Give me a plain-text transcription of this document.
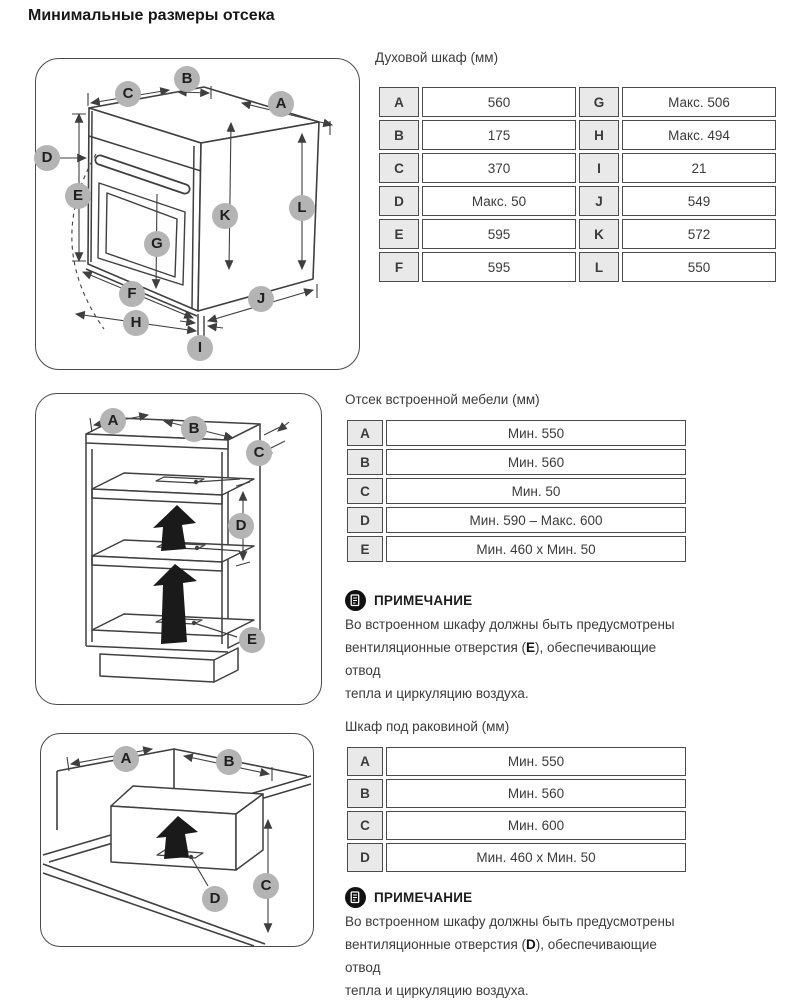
Минимальные размеры отсека
A
B
C
D
E
F
G
H
I
J
K	L
Духовой шкаф (мм)
A	560	G	Макс. 506
B	175	H	Макс. 494
C	370	I	21
D	Макс. 50	J	549
E	595	K	572
F	595	L	550
A	B
C
D
E
Отсек встроенной мебели (мм)
A	Мин. 550
B	Мин. 560
C	Мин. 50
D	Мин. 590 – Макс. 600
E	Мин. 460 x Мин. 50
ПРИМЕЧАНИЕ
Во встроенном шкафу должны быть предусмотрены
вентиляционные отверстия (E), обеспечивающие отвод
тепла и циркуляцию воздуха.
A	B
C
D
Шкаф под раковиной (мм)
A	Мин. 550
B	Мин. 560
C	Мин. 600
D	Мин. 460 x Мин. 50
ПРИМЕЧАНИЕ
Во встроенном шкафу должны быть предусмотрены
вентиляционные отверстия (D), обеспечивающие отвод
тепла и циркуляцию воздуха.
